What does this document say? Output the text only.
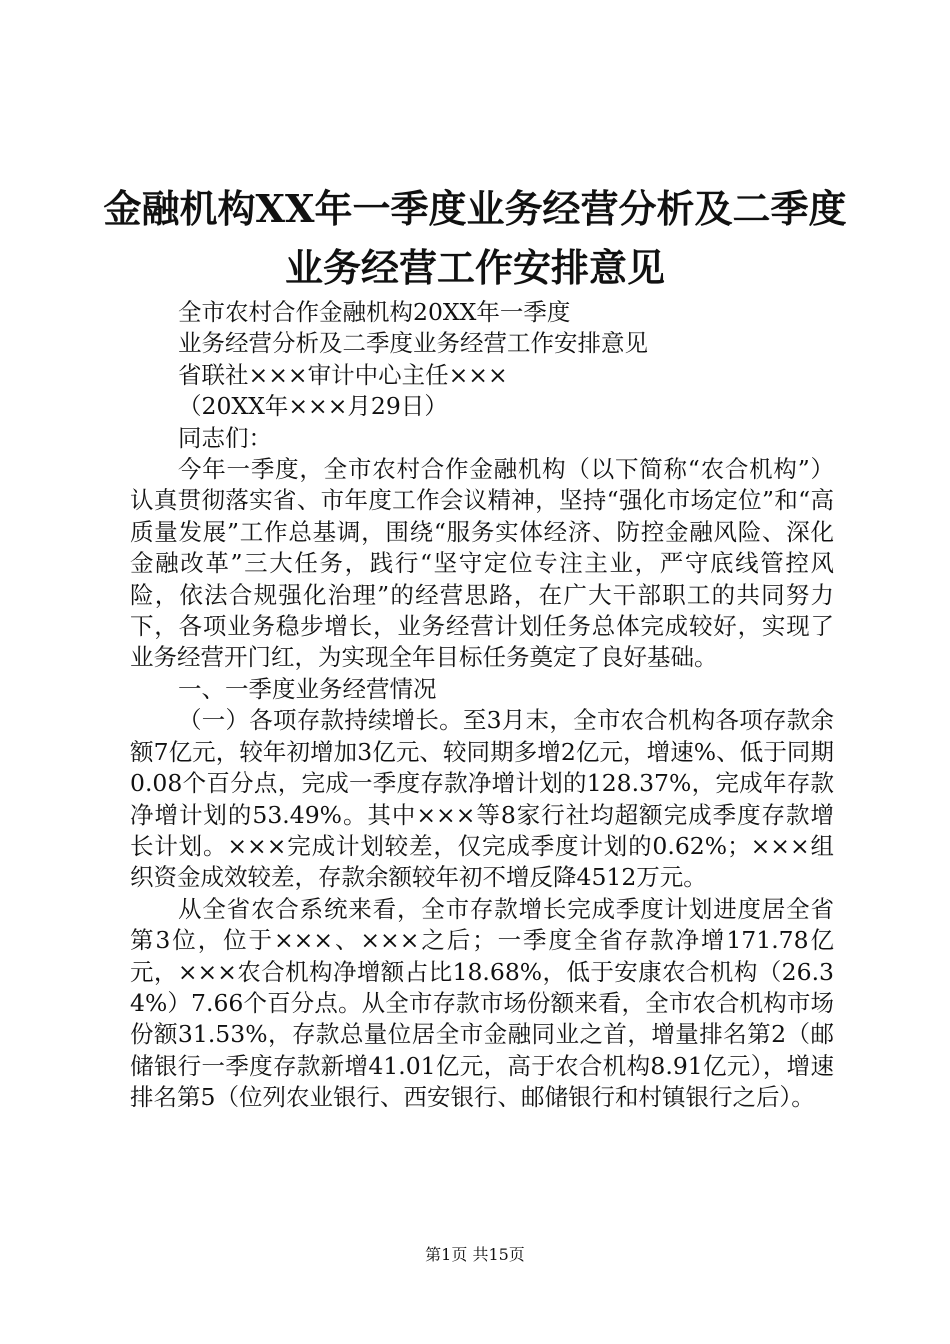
金融机构XX年一季度业务经营分析及二季度
业务经营工作安排意见

全市农村合作金融机构20XX年一季度

业务经营分析及二季度业务经营工作安排意见

省联社×××审计中心主任×××

（20XX年×××月29日）

同志们：

今年一季度，全市农村合作金融机构（以下简称“农合机构”）认真贯彻落实省、市年度工作会议精神，坚持“强化市场定位”和“高质量发展”工作总基调，围绕“服务实体经济、防控金融风险、深化金融改革”三大任务，践行“坚守定位专注主业，严守底线管控风险，依法合规强化治理”的经营思路，在广大干部职工的共同努力下，各项业务稳步增长，业务经营计划任务总体完成较好，实现了业务经营开门红，为实现全年目标任务奠定了良好基础。

一、一季度业务经营情况

（一）各项存款持续增长。至3月末，全市农合机构各项存款余额7亿元，较年初增加3亿元、较同期多增2亿元，增速%、低于同期0.08个百分点，完成一季度存款净增计划的128.37%，完成年存款净增计划的53.49%。其中×××等8家行社均超额完成季度存款增长计划。×××完成计划较差，仅完成季度计划的0.62%；×××组织资金成效较差，存款余额较年初不增反降4512万元。

从全省农合系统来看，全市存款增长完成季度计划进度居全省第3位，位于×××、×××之后；一季度全省存款净增171.78亿元，×××农合机构净增额占比18.68%，低于安康农合机构（26.34%）7.66个百分点。从全市存款市场份额来看，全市农合机构市场份额31.53%，存款总量位居全市金融同业之首，增量排名第2（邮储银行一季度存款新增41.01亿元，高于农合机构8.91亿元），增速排名第5（位列农业银行、西安银行、邮储银行和村镇银行之后）。

第1页 共15页
